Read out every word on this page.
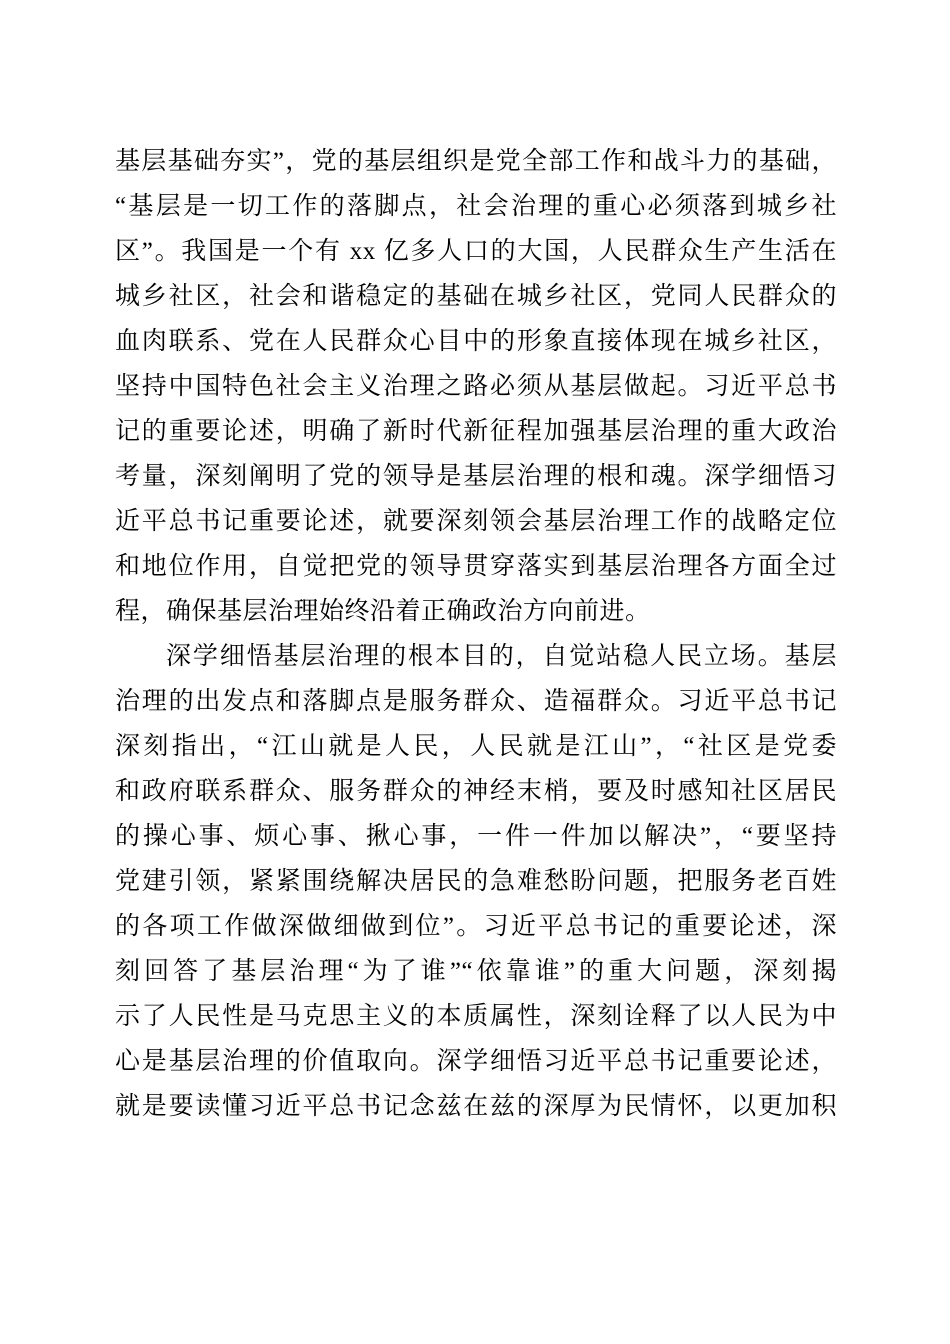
基层基础夯实”，党的基层组织是党全部工作和战斗力的基础，
“基层是一切工作的落脚点，社会治理的重心必须落到城乡社
区”。我国是一个有 xx 亿多人口的大国，人民群众生产生活在
城乡社区，社会和谐稳定的基础在城乡社区，党同人民群众的
血肉联系、党在人民群众心目中的形象直接体现在城乡社区，
坚持中国特色社会主义治理之路必须从基层做起。习近平总书
记的重要论述，明确了新时代新征程加强基层治理的重大政治
考量，深刻阐明了党的领导是基层治理的根和魂。深学细悟习
近平总书记重要论述，就要深刻领会基层治理工作的战略定位
和地位作用，自觉把党的领导贯穿落实到基层治理各方面全过
程，确保基层治理始终沿着正确政治方向前进。
深学细悟基层治理的根本目的，自觉站稳人民立场。基层
治理的出发点和落脚点是服务群众、造福群众。习近平总书记
深刻指出，“江山就是人民，人民就是江山”，“社区是党委
和政府联系群众、服务群众的神经末梢，要及时感知社区居民
的操心事、烦心事、揪心事，一件一件加以解决”，“要坚持
党建引领，紧紧围绕解决居民的急难愁盼问题，把服务老百姓
的各项工作做深做细做到位”。习近平总书记的重要论述，深
刻回答了基层治理“为了谁”“依靠谁”的重大问题，深刻揭
示了人民性是马克思主义的本质属性，深刻诠释了以人民为中
心是基层治理的价值取向。深学细悟习近平总书记重要论述，
就是要读懂习近平总书记念兹在兹的深厚为民情怀，以更加积
